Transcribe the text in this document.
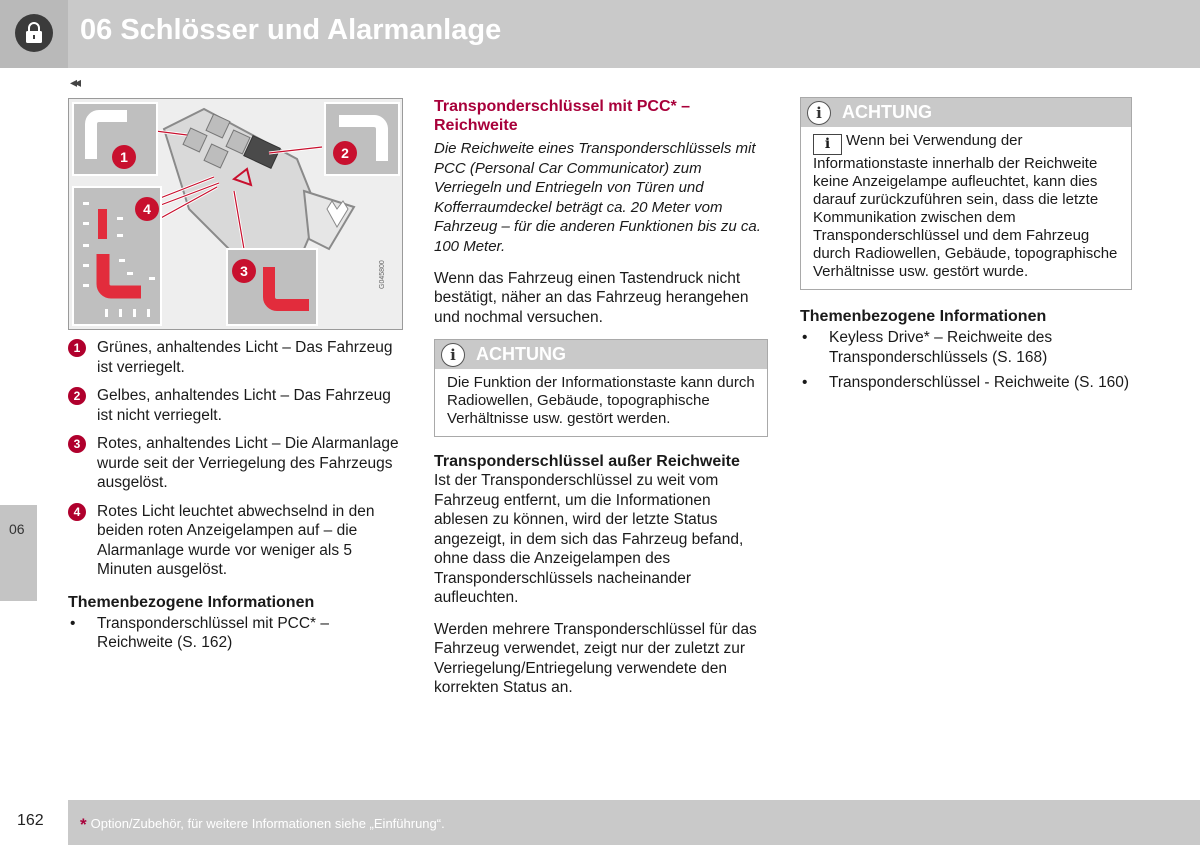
06 Schlösser und Alarmanlage
◂◂
06
1	2
4
3	G045800
1	Grünes, anhaltendes Licht – Das Fahrzeug ist verriegelt.
2	Gelbes, anhaltendes Licht – Das Fahrzeug ist nicht verriegelt.
3	Rotes, anhaltendes Licht – Die Alarmanlage wurde seit der Verriegelung des Fahrzeugs ausgelöst.
4	Rotes Licht leuchtet abwechselnd in den beiden roten Anzeigelampen auf – die Alarmanlage wurde vor weniger als 5 Minuten ausgelöst.
Themenbezogene Informationen
• Transponderschlüssel mit PCC* – Reichweite (S. 162)
Transponderschlüssel mit PCC* – Reichweite
Die Reichweite eines Transponderschlüssels mit PCC (Personal Car Communicator) zum Verriegeln und Entriegeln von Türen und Kofferraumdeckel beträgt ca. 20 Meter vom Fahrzeug – für die anderen Funktionen bis zu ca. 100 Meter.
Wenn das Fahrzeug einen Tastendruck nicht bestätigt, näher an das Fahrzeug herangehen und nochmal versuchen.
i	ACHTUNG
Die Funktion der Informationstaste kann durch Radiowellen, Gebäude, topographische Verhältnisse usw. gestört werden.
Transponderschlüssel außer Reichweite
Ist der Transponderschlüssel zu weit vom Fahrzeug entfernt, um die Informationen ablesen zu können, wird der letzte Status angezeigt, in dem sich das Fahrzeug befand, ohne dass die Anzeigelampen des Transponderschlüssels nacheinander aufleuchten.
Werden mehrere Transponderschlüssel für das Fahrzeug verwendet, zeigt nur der zuletzt zur Verriegelung/Entriegelung verwendete den korrekten Status an.
i	ACHTUNG
i Wenn bei Verwendung der Informationstaste innerhalb der Reichweite keine Anzeigelampe aufleuchtet, kann dies darauf zurückzuführen sein, dass die letzte Kommunikation zwischen dem Transponderschlüssel und dem Fahrzeug durch Radiowellen, Gebäude, topographische Verhältnisse usw. gestört wurde.
Themenbezogene Informationen
• Keyless Drive* – Reichweite des Transponderschlüssels (S. 168)
• Transponderschlüssel - Reichweite (S. 160)
162 * Option/Zubehör, für weitere Informationen siehe „Einführung“.
